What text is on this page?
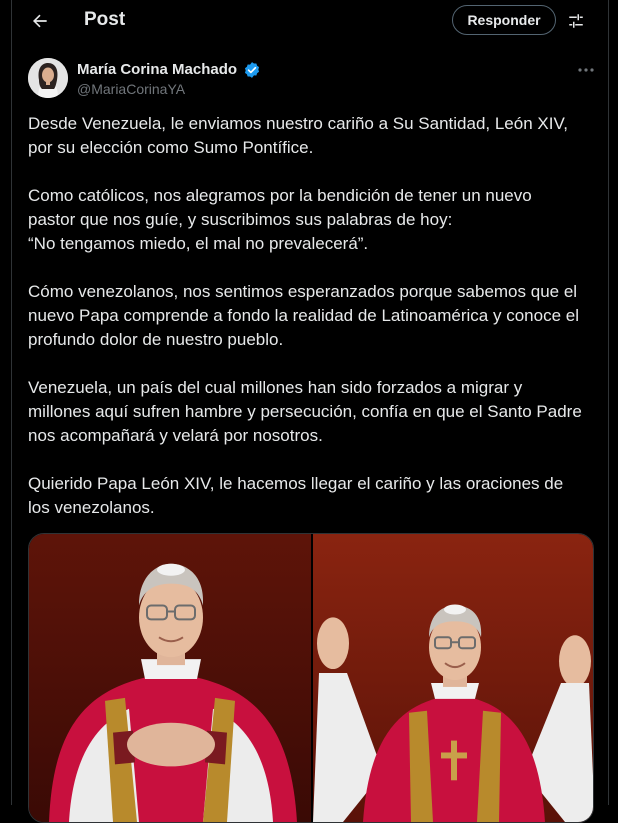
Post	Responder
María Corina Machado
@MariaCorinaYA

Desde Venezuela, le enviamos nuestro cariño a Su Santidad, León XIV,
por su elección como Sumo Pontífice.

Como católicos, nos alegramos por la bendición de tener un nuevo
pastor que nos guíe, y suscribimos sus palabras de hoy:
“No tengamos miedo, el mal no prevalecerá”.

Cómo venezolanos, nos sentimos esperanzados porque sabemos que el
nuevo Papa comprende a fondo la realidad de Latinoamérica y conoce el
profundo dolor de nuestro pueblo.

Venezuela, un país del cual millones han sido forzados a migrar y
millones aquí sufren hambre y persecución, confía en que el Santo Padre
nos acompañará y velará por nosotros.

Quierido Papa León XIV, le hacemos llegar el cariño y las oraciones de
los venezolanos.
